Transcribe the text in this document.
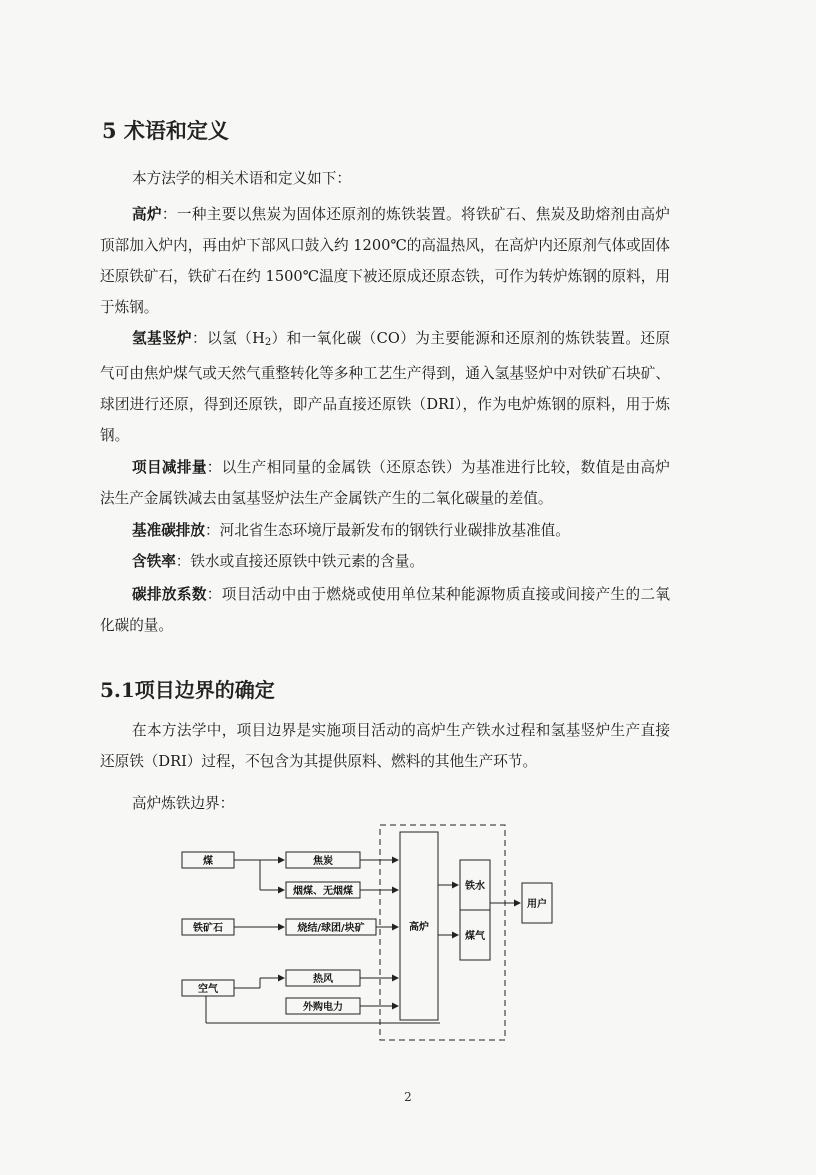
5 术语和定义

本方法学的相关术语和定义如下：

高炉：一种主要以焦炭为固体还原剂的炼铁装置。将铁矿石、焦炭及助熔剂由高炉顶部加入炉内，再由炉下部风口鼓入约 1200℃的高温热风，在高炉内还原剂气体或固体还原铁矿石，铁矿石在约 1500℃温度下被还原成还原态铁，可作为转炉炼钢的原料，用于炼钢。

氢基竖炉：以氢$(H_2)$和一氧化碳（CO）为主要能源和还原剂的炼铁装置。还原气可由焦炉煤气或天然气重整转化等多种工艺生产得到，通入氢基竖炉中对铁矿石块矿、球团进行还原，得到还原铁，即产品直接还原铁（DRI），作为电炉炼钢的原料，用于炼钢。

项目减排量：以生产相同量的金属铁（还原态铁）为基准进行比较，数值是由高炉法生产金属铁减去由氢基竖炉法生产金属铁产生的二氧化碳量的差值。

基准碳排放：河北省生态环境厅最新发布的钢铁行业碳排放基准值。

含铁率：铁水或直接还原铁中铁元素的含量。

碳排放系数：项目活动中由于燃烧或使用单位某种能源物质直接或间接产生的二氧化碳的量。

5.1项目边界的确定

在本方法学中，项目边界是实施项目活动的高炉生产铁水过程和氢基竖炉生产直接还原铁（DRI）过程，不包含为其提供原料、燃料的其他生产环节。

高炉炼铁边界：

煤
铁矿石
空气
焦炭
烟煤、无烟煤
烧结/球团/块矿
热风
外购电力
高炉
铁水
煤气
用户
2
